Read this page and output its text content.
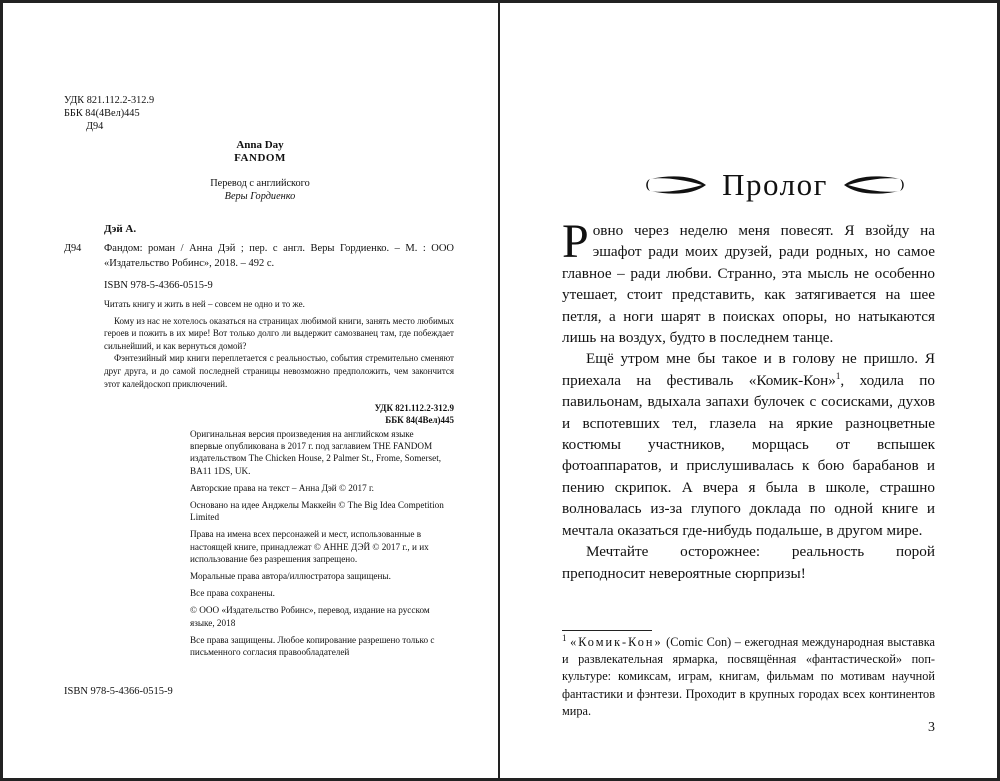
УДК 821.112.2-312.9
ББК 84(4Вел)445
Д94
Anna Day
FANDOM
Перевод с английского
Веры Гордиенко
Дэй А.
Д94	Фандом: роман / Анна Дэй ; пер. с англ. Веры Гордиенко. – М. : ООО «Издательство Робинс», 2018. – 492 с.
ISBN 978-5-4366-0515-9

Читать книгу и жить в ней – совсем не одно и то же.

Кому из нас не хотелось оказаться на страницах любимой книги, занять место любимых героев и пожить в их мире! Вот только долго ли выдержит самозванец там, где побеждает сильнейший, и как вернуться домой?

Фэнтезийный мир книги переплетается с реальностью, события стремительно сменяют друг друга, и до самой последней страницы невозможно предположить, чем закончится этот калейдоскоп приключений.

УДК 821.112.2-312.9
ББК 84(4Вел)445

Оригинальная версия произведения на английском языке впервые опубликована в 2017 г. под заглавием THE FANDOM издательством The Chicken House, 2 Palmer St., Frome, Somerset, BA11 1DS, UK.

Авторские права на текст – Анна Дэй © 2017 г.

Основано на идее Анджелы Маккейн © The Big Idea Competition Limited

Права на имена всех персонажей и мест, использованные в настоящей книге, принадлежат © АННЕ ДЭЙ © 2017 г., и их использование без разрешения запрещено.

Моральные права автора/иллюстратора защищены.

Все права сохранены.

© ООО «Издательство Робинс», перевод, издание на русском языке, 2018

Все права защищены. Любое копирование разрешено только с письменного согласия правообладателей

ISBN 978-5-4366-0515-9
Пролог

Ровно через неделю меня повесят. Я взойду на эшафот ради моих друзей, ради родных, но самое главное – ради любви. Странно, эта мысль не особенно утешает, стоит представить, как затягивается на шее петля, а ноги шарят в поисках опоры, но натыкаются лишь на воздух, будто в последнем танце.

Ещё утром мне бы такое и в голову не пришло. Я приехала на фестиваль «Комик-Кон»$^1$, ходила по павильонам, вдыхала запахи булочек с сосисками, духов и вспотевших тел, глазела на яркие разноцветные костюмы участников, морщась от вспышек фотоаппаратов, и прислушивалась к бою барабанов и пению скрипок. А вчера я была в школе, страшно волновалась из-за глупого доклада по одной книге и мечтала оказаться где-нибудь подальше, в другом мире.

Мечтайте осторожнее: реальность порой преподносит невероятные сюрпризы!

$^1$ «Комик-Кон» (Comic Con) – ежегодная международная выставка и развлекательная ярмарка, посвящённая «фантастической» поп-культуре: комиксам, играм, книгам, фильмам по мотивам научной фантастики и фэнтези. Проходит в крупных городах всех континентов мира.
3
